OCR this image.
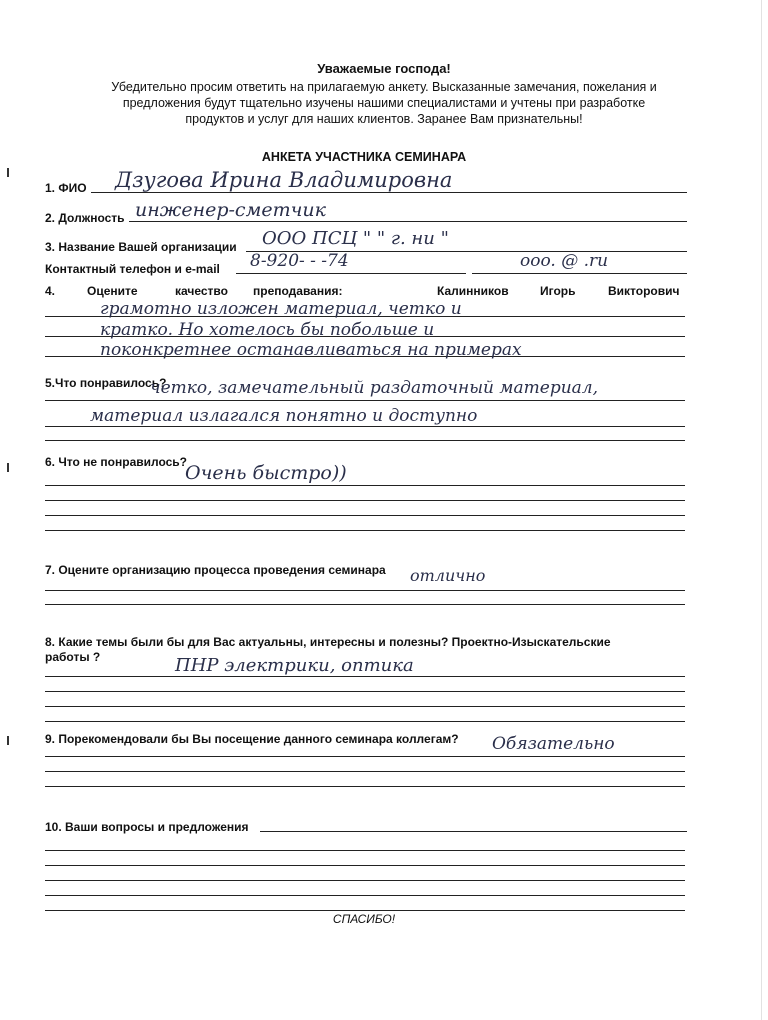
Уважаемые господа!
Убедительно просим ответить на прилагаемую анкету. Высказанные замечания, пожелания и
предложения будут тщательно изучены нашими специалистами и учтены при разработке
продуктов и услуг для наших клиентов. Заранее Вам признательны!
АНКЕТА УЧАСТНИКА СЕМИНАРА
1. ФИО Дзугова Ирина Владимировна
2. Должность инженер-сметчик
3. Название Вашей организации ООО ПСЦ " " г. ни "
Контактный телефон и e-mail 8-920- - -74	ooo. @ .ru
4.	Оцените	качество преподавания:	Калинников	Игорь	Викторович
грамотно изложен материал, четко и
кратко. Но хотелось бы побольше и
поконкретнее останавливаться на примерах
5.Что понравилось?
четко, замечательный раздаточный материал,
материал излагался понятно и доступно
6. Что не понравилось?
Очень быстро))
7. Оцените организацию процесса проведения семинара отлично
8. Какие темы были бы для Вас актуальны, интересны и полезны? Проектно-Изыскательские
работы ?	ПНР электрики, оптика
9. Порекомендовали бы Вы посещение данного семинара коллегам? Обязательно
10. Ваши вопросы и предложения
СПАСИБО!
